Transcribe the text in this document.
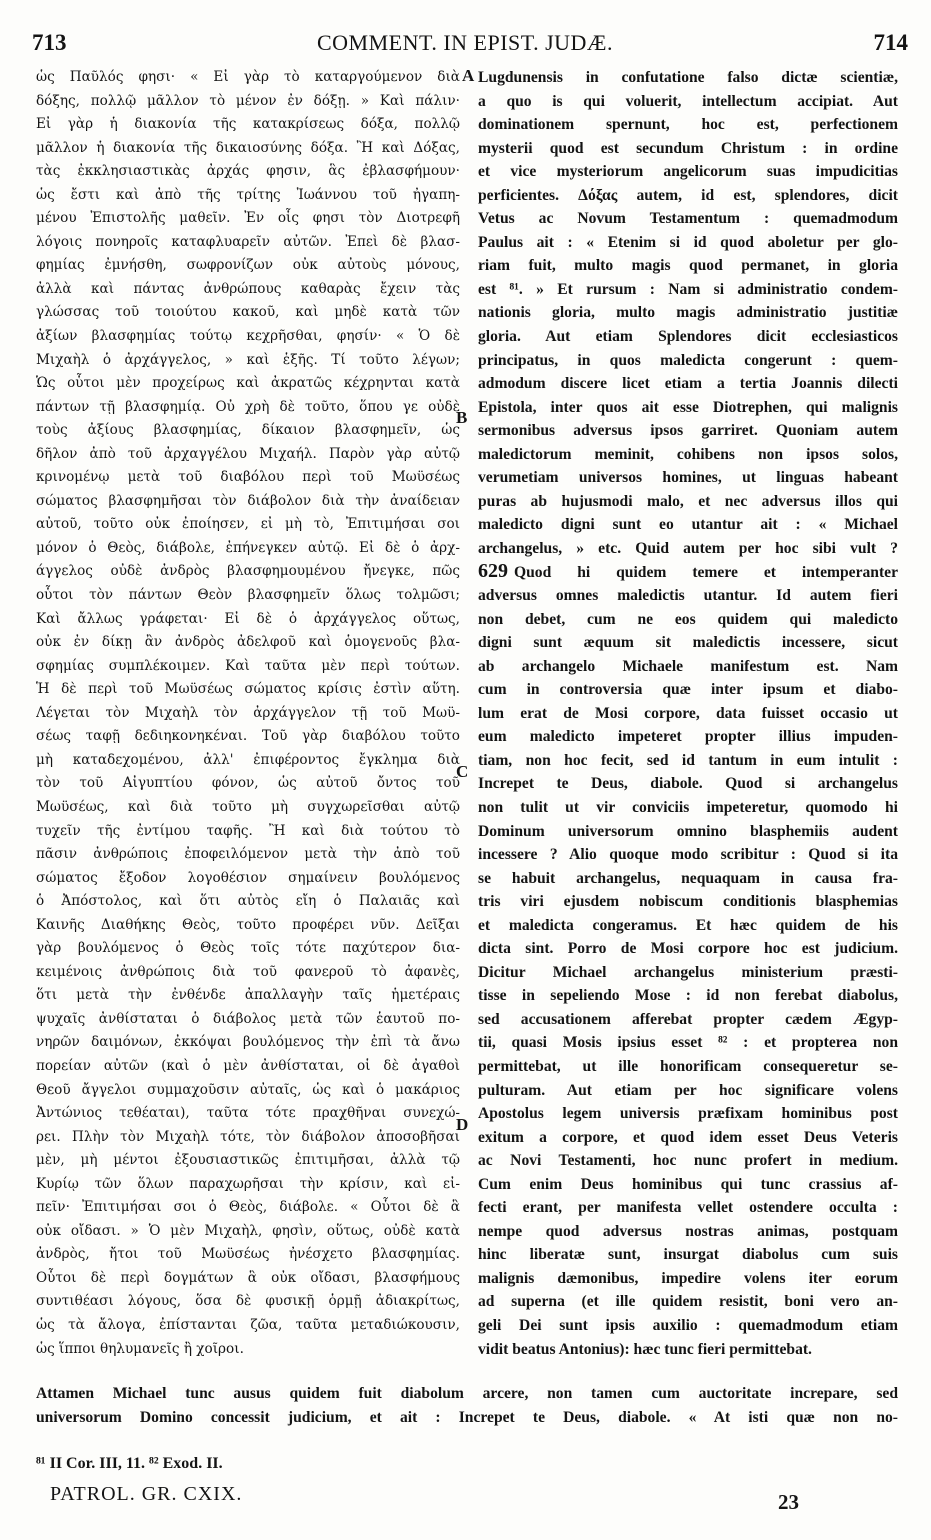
713	COMMENT. IN EPIST. JUDÆ.	714
ὡς Παῦλός φησι· « Εἰ γὰρ τὸ καταργούμενον διὰ
δόξης, πολλῷ μᾶλλον τὸ μένον ἐν δόξῃ. » Καὶ πάλιν·
Εἰ γὰρ ἡ διακονία τῆς κατακρίσεως δόξα, πολλῷ
μᾶλλον ἡ διακονία τῆς δικαιοσύνης δόξα. Ἢ καὶ Δόξας,
τὰς ἐκκλησιαστικὰς ἀρχάς φησιν, ἃς ἐβλασφήμουν·
ὡς ἔστι καὶ ἀπὸ τῆς τρίτης Ἰωάννου τοῦ ἠγαπη-
μένου Ἐπιστολῆς μαθεῖν. Ἐν οἷς φησι τὸν Διοτρεφῆ
λόγοις πονηροῖς καταφλυαρεῖν αὐτῶν. Ἐπεὶ δὲ βλασ-
φημίας ἐμνήσθη, σωφρονίζων οὐκ αὐτοὺς μόνους,
ἀλλὰ καὶ πάντας ἀνθρώπους καθαρὰς ἔχειν τὰς
γλώσσας τοῦ τοιούτου κακοῦ, καὶ μηδὲ κατὰ τῶν
ἀξίων βλασφημίας τούτῳ κεχρῆσθαι, φησίν· « Ὁ δὲ
Μιχαὴλ ὁ ἀρχάγγελος, » καὶ ἑξῆς. Τί τοῦτο λέγων;
Ὡς οὗτοι μὲν προχείρως καὶ ἀκρατῶς κέχρηνται κατὰ
πάντων τῇ βλασφημίᾳ. Οὐ χρὴ δὲ τοῦτο, ὅπου γε οὐδὲ
τοὺς ἀξίους βλασφημίας, δίκαιον βλασφημεῖν, ὡς
δῆλον ἀπὸ τοῦ ἀρχαγγέλου Μιχαήλ. Παρὸν γὰρ αὐτῷ
κρινομένῳ μετὰ τοῦ διαβόλου περὶ τοῦ Μωϋσέως
σώματος βλασφημῆσαι τὸν διάβολον διὰ τὴν ἀναίδειαν
αὐτοῦ, τοῦτο οὐκ ἐποίησεν, εἰ μὴ τὸ, Ἐπιτιμήσαι σοι
μόνον ὁ Θεὸς, διάβολε, ἐπήνεγκεν αὐτῷ. Εἰ δὲ ὁ ἀρχ-
άγγελος οὐδὲ ἀνδρὸς βλασφημουμένου ἤνεγκε, πῶς
οὗτοι τὸν πάντων Θεὸν βλασφημεῖν ὅλως τολμῶσι;
Καὶ ἄλλως γράφεται· Εἰ δὲ ὁ ἀρχάγγελος οὕτως,
οὐκ ἐν δίκῃ ἂν ἀνδρὸς ἀδελφοῦ καὶ ὁμογενοῦς βλα-
σφημίας συμπλέκοιμεν. Καὶ ταῦτα μὲν περὶ τούτων.
Ἡ δὲ περὶ τοῦ Μωϋσέως σώματος κρίσις ἐστὶν αὕτη.
Λέγεται τὸν Μιχαὴλ τὸν ἀρχάγγελον τῇ τοῦ Μωϋ-
σέως ταφῇ δεδιηκονηκέναι. Τοῦ γὰρ διαβόλου τοῦτο
μὴ καταδεχομένου, ἀλλ' ἐπιφέροντος ἔγκλημα διὰ
τὸν τοῦ Αἰγυπτίου φόνον, ὡς αὐτοῦ ὄντος τοῦ
Μωϋσέως, καὶ διὰ τοῦτο μὴ συγχωρεῖσθαι αὐτῷ
τυχεῖν τῆς ἐντίμου ταφῆς. Ἢ καὶ διὰ τούτου τὸ
πᾶσιν ἀνθρώποις ἐποφειλόμενον μετὰ τὴν ἀπὸ τοῦ
σώματος ἔξοδον λογοθέσιον σημαίνειν βουλόμενος
ὁ Ἀπόστολος, καὶ ὅτι αὐτὸς εἴη ὁ Παλαιᾶς καὶ
Καινῆς Διαθήκης Θεὸς, τοῦτο προφέρει νῦν. Δεῖξαι
γὰρ βουλόμενος ὁ Θεὸς τοῖς τότε παχύτερον δια-
κειμένοις ἀνθρώποις διὰ τοῦ φανεροῦ τὸ ἀφανὲς,
ὅτι μετὰ τὴν ἐνθένδε ἀπαλλαγὴν ταῖς ἡμετέραις
ψυχαῖς ἀνθίσταται ὁ διάβολος μετὰ τῶν ἑαυτοῦ πο-
νηρῶν δαιμόνων, ἐκκόψαι βουλόμενος τὴν ἐπὶ τὰ ἄνω
πορείαν αὐτῶν (καὶ ὁ μὲν ἀνθίσταται, οἱ δὲ ἀγαθοὶ
Θεοῦ ἄγγελοι συμμαχοῦσιν αὐταῖς, ὡς καὶ ὁ μακάριος
Ἀντώνιος τεθέαται), ταῦτα τότε πραχθῆναι συνεχώ-
ρει. Πλὴν τὸν Μιχαὴλ τότε, τὸν διάβολον ἀποσοβῆσαι
μὲν, μὴ μέντοι ἐξουσιαστικῶς ἐπιτιμῆσαι, ἀλλὰ τῷ
Κυρίῳ τῶν ὅλων παραχωρῆσαι τὴν κρίσιν, καὶ εἰ-
πεῖν· Ἐπιτιμήσαι σοι ὁ Θεὸς, διάβολε. « Οὗτοι δὲ ἃ
οὐκ οἴδασι. » Ὁ μὲν Μιχαὴλ, φησὶν, οὕτως, οὐδὲ κατὰ
ἀνδρὸς, ἤτοι τοῦ Μωϋσέως ἠνέσχετο βλασφημίας.
Οὗτοι δὲ περὶ δογμάτων ἃ οὐκ οἴδασι, βλασφήμους
συντιθέασι λόγους, ὅσα δὲ φυσικῇ ὁρμῇ ἀδιακρίτως,
ὡς τὰ ἄλογα, ἐπίστανται ζῶα, ταῦτα μεταδιώκουσιν,
ὡς ἵπποι θηλυμανεῖς ἢ χοῖροι.
Lugdunensis in confutatione falso dictæ scientiæ,
a quo is qui voluerit, intellectum accipiat. Aut
dominationem spernunt, hoc est, perfectionem
mysterii quod est secundum Christum : in ordine
et vice mysteriorum angelicorum suas impudicitias
perficientes. Δόξας autem, id est, splendores, dicit
Vetus ac Novum Testamentum : quemadmodum
Paulus ait : « Etenim si id quod aboletur per glo-
riam fuit, multo magis quod permanet, in gloria
est ⁸¹. » Et rursum : Nam si administratio condem-
nationis gloria, multo magis administratio justitiæ
gloria. Aut etiam Splendores dicit ecclesiasticos
principatus, in quos maledicta congerunt : quem-
admodum discere licet etiam a tertia Joannis dilecti
Epistola, inter quos ait esse Diotrephen, qui malignis
sermonibus adversus ipsos garriret. Quoniam autem
maledictorum meminit, cohibens non ipsos solos,
verumetiam universos homines, ut linguas habeant
puras ab hujusmodi malo, et nec adversus illos qui
maledicto digni sunt eo utantur ait : « Michael
archangelus, » etc. Quid autem per hoc sibi vult ?
629 Quod hi quidem temere et intemperanter
adversus omnes maledictis utantur. Id autem fieri
non debet, cum ne eos quidem qui maledicto
digni sunt æquum sit maledictis incessere, sicut
ab archangelo Michaele manifestum est. Nam
cum in controversia quæ inter ipsum et diabo-
lum erat de Mosi corpore, data fuisset occasio ut
eum maledicto impeteret propter illius impuden-
tiam, non hoc fecit, sed id tantum in eum intulit :
Increpet te Deus, diabole. Quod si archangelus
non tulit ut vir conviciis impeteretur, quomodo hi
Dominum universorum omnino blasphemiis audent
incessere ? Alio quoque modo scribitur : Quod si ita
se habuit archangelus, nequaquam in causa fra-
tris viri ejusdem nobiscum conditionis blasphemias
et maledicta congeramus. Et hæc quidem de his
dicta sint. Porro de Mosi corpore hoc est judicium.
Dicitur Michael archangelus ministerium præsti-
tisse in sepeliendo Mose : id non ferebat diabolus,
sed accusationem afferebat propter cædem Ægyp-
tii, quasi Mosis ipsius esset ⁸² : et propterea non
permittebat, ut ille honorificam consequeretur se-
pulturam. Aut etiam per hoc significare volens
Apostolus legem universis præfixam hominibus post
exitum a corpore, et quod idem esset Deus Veteris
ac Novi Testamenti, hoc nunc profert in medium.
Cum enim Deus hominibus qui tunc crassius af-
fecti erant, per manifesta vellet ostendere occulta :
nempe quod adversus nostras animas, postquam
hinc liberatæ sunt, insurgat diabolus cum suis
malignis dæmonibus, impedire volens iter eorum
ad superna (et ille quidem resistit, boni vero an-
geli Dei sunt ipsis auxilio : quemadmodum etiam
vidit beatus Antonius): hæc tunc fieri permittebat.
A
B
C
D
Attamen Michael tunc ausus quidem fuit diabolum arcere, non tamen cum auctoritate increpare, sed
universorum Domino concessit judicium, et ait : Increpet te Deus, diabole. « At isti quæ non no-
⁸¹ II Cor. III, 11. ⁸² Exod. II.
PATROL. GR. CXIX.	23
